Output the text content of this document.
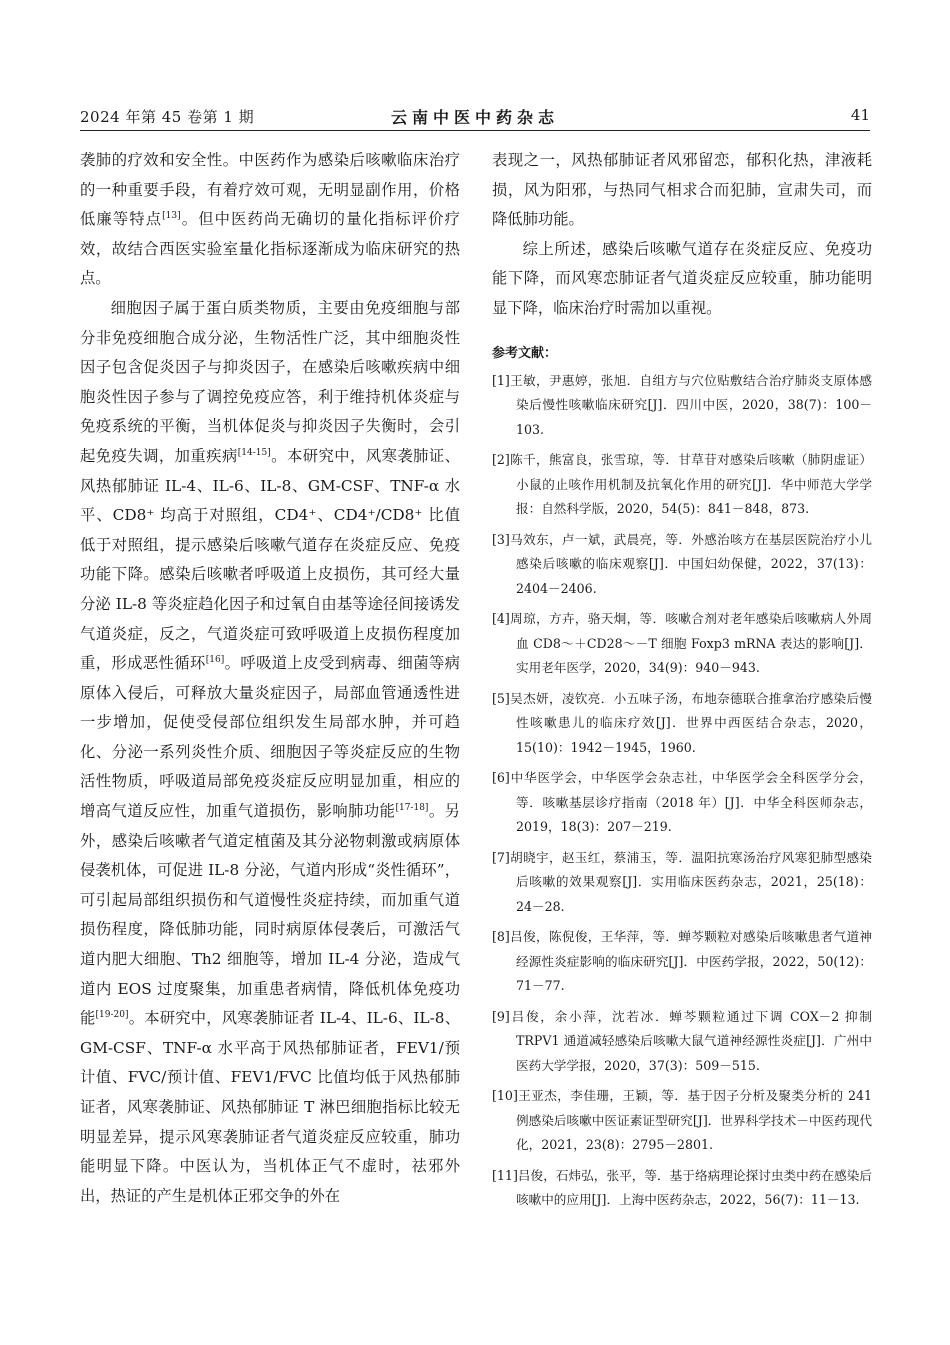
2024 年第 45 卷第 1 期	云南中医中药杂志	41

袭肺的疗效和安全性。中医药作为感染后咳嗽临床治疗的一种重要手段，有着疗效可观，无明显副作用，价格低廉等特点[13]。但中医药尚无确切的量化指标评价疗效，故结合西医实验室量化指标逐渐成为临床研究的热点。

细胞因子属于蛋白质类物质，主要由免疫细胞与部分非免疫细胞合成分泌，生物活性广泛，其中细胞炎性因子包含促炎因子与抑炎因子，在感染后咳嗽疾病中细胞炎性因子参与了调控免疫应答，利于维持机体炎症与免疫系统的平衡，当机体促炎与抑炎因子失衡时，会引起免疫失调，加重疾病[14-15]。本研究中，风寒袭肺证、风热郁肺证 IL-4、IL-6、IL-8、GM-CSF、TNF-α 水平、CD8⁺ 均高于对照组，CD4⁺、CD4⁺/CD8⁺ 比值低于对照组，提示感染后咳嗽气道存在炎症反应、免疫功能下降。感染后咳嗽者呼吸道上皮损伤，其可经大量分泌 IL-8 等炎症趋化因子和过氧自由基等途径间接诱发气道炎症，反之，气道炎症可致呼吸道上皮损伤程度加重，形成恶性循环[16]。呼吸道上皮受到病毒、细菌等病原体入侵后，可释放大量炎症因子，局部血管通透性进一步增加，促使受侵部位组织发生局部水肿，并可趋化、分泌一系列炎性介质、细胞因子等炎症反应的生物活性物质，呼吸道局部免疫炎症反应明显加重，相应的增高气道反应性，加重气道损伤，影响肺功能[17-18]。另外，感染后咳嗽者气道定植菌及其分泌物刺激或病原体侵袭机体，可促进 IL-8 分泌，气道内形成“炎性循环”，可引起局部组织损伤和气道慢性炎症持续，而加重气道损伤程度，降低肺功能，同时病原体侵袭后，可激活气道内肥大细胞、Th2 细胞等，增加 IL-4 分泌，造成气道内 EOS 过度聚集，加重患者病情，降低机体免疫功能[19-20]。本研究中，风寒袭肺证者 IL-4、IL-6、IL-8、GM-CSF、TNF-α 水平高于风热郁肺证者，FEV1/预计值、FVC/预计值、FEV1/FVC 比值均低于风热郁肺证者，风寒袭肺证、风热郁肺证 T 淋巴细胞指标比较无明显差异，提示风寒袭肺证者气道炎症反应较重，肺功能明显下降。中医认为，当机体正气不虚时，祛邪外出，热证的产生是机体正邪交争的外在

表现之一，风热郁肺证者风邪留恋，郁积化热，津液耗损，风为阳邪，与热同气相求合而犯肺，宣肃失司，而降低肺功能。

综上所述，感染后咳嗽气道存在炎症反应、免疫功能下降，而风寒恋肺证者气道炎症反应较重，肺功能明显下降，临床治疗时需加以重视。

参考文献：

[1]王敏，尹惠婷，张旭．自组方与穴位贴敷结合治疗肺炎支原体感染后慢性咳嗽临床研究[J]．四川中医，2020，38(7)：100－103.

[2]陈千，熊富良，张雪琼，等．甘草苷对感染后咳嗽（肺阴虚证）小鼠的止咳作用机制及抗氧化作用的研究[J]．华中师范大学学报：自然科学版，2020，54(5)：841－848，873.

[3]马效东，卢一斌，武晨亮，等．外感治咳方在基层医院治疗小儿感染后咳嗽的临床观察[J]．中国妇幼保健，2022，37(13)：2404－2406.

[4]周琼，方卉，骆天炯，等．咳嗽合剂对老年感染后咳嗽病人外周血 CD8～＋CD28～－T 细胞 Foxp3 mRNA 表达的影响[J]．实用老年医学，2020，34(9)：940－943.

[5]吴杰妍，凌钦亮．小五味子汤，布地奈德联合推拿治疗感染后慢性咳嗽患儿的临床疗效[J]．世界中西医结合杂志，2020，15(10)：1942－1945，1960.

[6]中华医学会，中华医学会杂志社，中华医学会全科医学分会，等．咳嗽基层诊疗指南（2018 年）[J]．中华全科医师杂志，2019，18(3)：207－219.

[7]胡晓宇，赵玉红，蔡浦玉，等．温阳抗寒汤治疗风寒犯肺型感染后咳嗽的效果观察[J]．实用临床医药杂志，2021，25(18)：24－28.

[8]吕俊，陈倪俊，王华萍，等．蝉芩颗粒对感染后咳嗽患者气道神经源性炎症影响的临床研究[J]．中医药学报，2022，50(12)：71－77.

[9]吕俊，余小萍，沈若冰．蝉芩颗粒通过下调 COX－2 抑制 TRPV1 通道减轻感染后咳嗽大鼠气道神经源性炎症[J]．广州中医药大学学报，2020，37(3)：509－515.

[10]王亚杰，李佳珊，王颖，等．基于因子分析及聚类分析的 241 例感染后咳嗽中医证素证型研究[J]．世界科学技术－中医药现代化，2021，23(8)：2795－2801.

[11]吕俊，石炜弘，张平，等．基于络病理论探讨虫类中药在感染后咳嗽中的应用[J]．上海中医药杂志，2022，56(7)：11－13.
